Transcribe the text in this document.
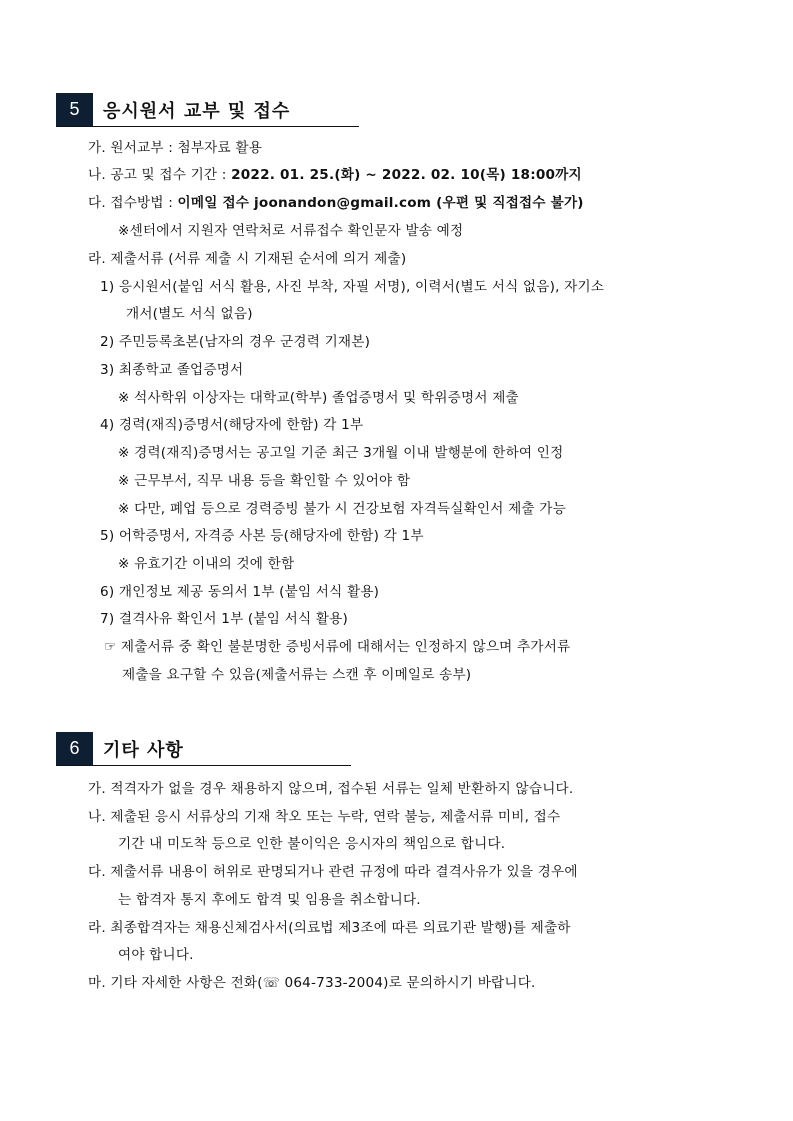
5	응시원서 교부 및 접수
가. 원서교부 : 첨부자료 활용
나. 공고 및 접수 기간 : 2022. 01. 25.(화) ~ 2022. 02. 10(목) 18:00까지
다. 접수방법 : 이메일 접수 joonandon@gmail.com (우편 및 직접접수 불가)
※센터에서 지원자 연락처로 서류접수 확인문자 발송 예정
라. 제출서류 (서류 제출 시 기재된 순서에 의거 제출)
1) 응시원서(붙임 서식 활용, 사진 부착, 자필 서명), 이력서(별도 서식 없음), 자기소
개서(별도 서식 없음)
2) 주민등록초본(남자의 경우 군경력 기재본)
3) 최종학교 졸업증명서
※ 석사학위 이상자는 대학교(학부) 졸업증명서 및 학위증명서 제출
4) 경력(재직)증명서(해당자에 한함) 각 1부
※ 경력(재직)증명서는 공고일 기준 최근 3개월 이내 발행분에 한하여 인정
※ 근무부서, 직무 내용 등을 확인할 수 있어야 함
※ 다만, 폐업 등으로 경력증빙 불가 시 건강보험 자격득실확인서 제출 가능
5) 어학증명서, 자격증 사본 등(해당자에 한함) 각 1부
※ 유효기간 이내의 것에 한함
6) 개인정보 제공 동의서 1부 (붙임 서식 활용)
7) 결격사유 확인서 1부 (붙임 서식 활용)
☞ 제출서류 중 확인 불분명한 증빙서류에 대해서는 인정하지 않으며 추가서류
제출을 요구할 수 있음(제출서류는 스캔 후 이메일로 송부)
6	기타 사항
가. 적격자가 없을 경우 채용하지 않으며, 접수된 서류는 일체 반환하지 않습니다.
나. 제출된 응시 서류상의 기재 착오 또는 누락, 연락 불능, 제출서류 미비, 접수
기간 내 미도착 등으로 인한 불이익은 응시자의 책임으로 합니다.
다. 제출서류 내용이 허위로 판명되거나 관련 규정에 따라 결격사유가 있을 경우에
는 합격자 통지 후에도 합격 및 임용을 취소합니다.
라. 최종합격자는 채용신체검사서(의료법 제3조에 따른 의료기관 발행)를 제출하
여야 합니다.
마. 기타 자세한 사항은 전화(☏ 064-733-2004)로 문의하시기 바랍니다.
